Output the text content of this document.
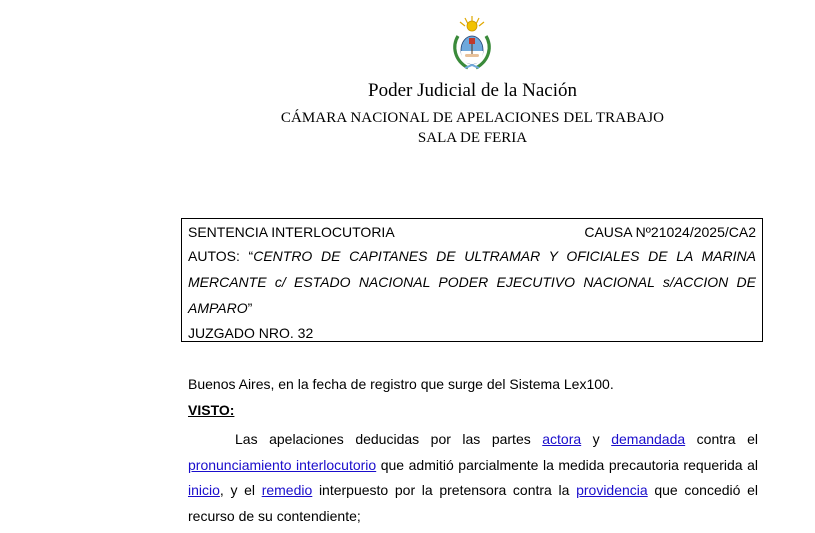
Poder Judicial de la Nación
CÁMARA NACIONAL DE APELACIONES DEL TRABAJO
SALA DE FERIA
SENTENCIA INTERLOCUTORIA	CAUSA Nº21024/2025/CA2
AUTOS: “CENTRO DE CAPITANES DE ULTRAMAR Y OFICIALES DE LA MARINA MERCANTE c/ ESTADO NACIONAL PODER EJECUTIVO NACIONAL s/ACCION DE AMPARO”
JUZGADO NRO. 32
Buenos Aires, en la fecha de registro que surge del Sistema Lex100.
VISTO:
Las apelaciones deducidas por las partes actora y demandada contra el pronunciamiento interlocutorio que admitió parcialmente la medida precautoria requerida al inicio, y el remedio interpuesto por la pretensora contra la providencia que concedió el recurso de su contendiente;
